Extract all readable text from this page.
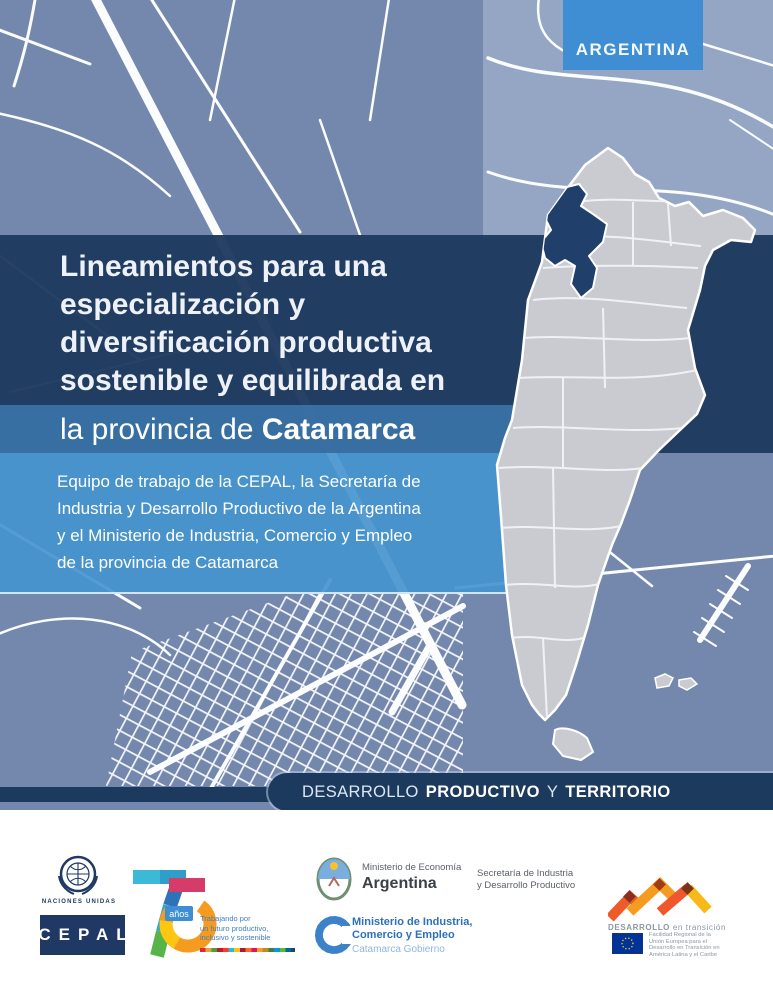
ARGENTINA
Lineamientos para una
especialización y
diversificación productiva
sostenible y equilibrada en
la provincia de Catamarca
Equipo de trabajo de la CEPAL, la Secretaría de
Industria y Desarrollo Productivo de la Argentina
y el Ministerio de Industria, Comercio y Empleo
de la provincia de Catamarca
DESARROLLO PRODUCTIVO Y TERRITORIO
NACIONES UNIDAS
CEPAL
años Trabajando por
un futuro productivo,
inclusivo y sostenible
Ministerio de Economía
Argentina
Secretaría de Industria
y Desarrollo Productivo
Ministerio de Industria,
Comercio y Empleo
Catamarca Gobierno
DESARROLLO en transición
Facilidad Regional de la
Unión Europea para el
Desarrollo en Transición en
América Latina y el Caribe
